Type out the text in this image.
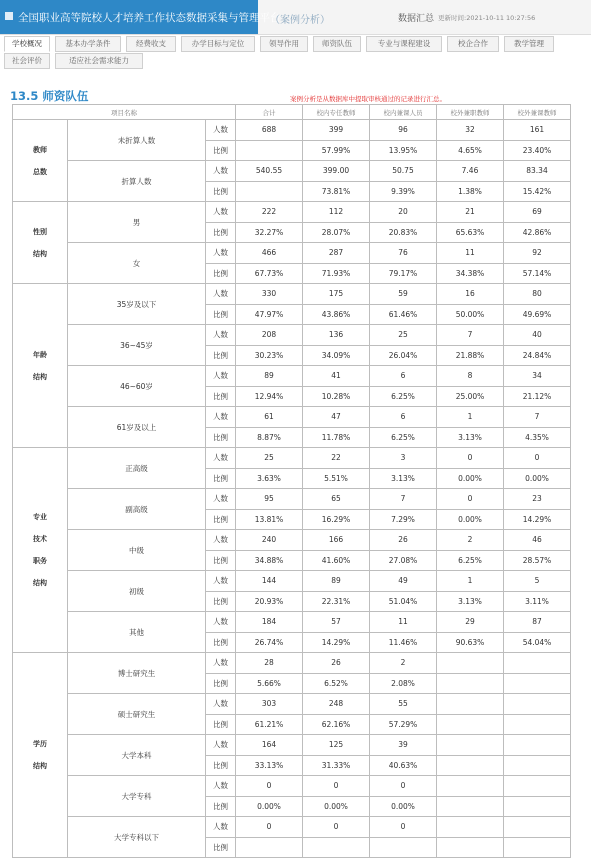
全国职业高等院校人才培养工作状态数据采集与管理平台
（案例分析）	数据汇总 更新时间:2021-10-11 10:27:56
学校概况	基本办学条件	经费收支	办学目标与定位	领导作用	师资队伍	专业与课程建设	校企合作	教学管理
社会评价	适应社会需求能力
13.5 师资队伍	案例分析是从数据库中提取审核通过的记录进行汇总。
项目名称			合计	校内专任教师	校内兼课人员	校外兼职教师	校外兼课教师
教师总数	未折算人数	人数	688	399	96	32	161
		比例		57.99%	13.95%	4.65%	23.40%
	折算人数	人数	540.55	399.00	50.75	7.46	83.34
		比例		73.81%	9.39%	1.38%	15.42%
性别结构	男	人数	222	112	20	21	69
		比例	32.27%	28.07%	20.83%	65.63%	42.86%
	女	人数	466	287	76	11	92
		比例	67.73%	71.93%	79.17%	34.38%	57.14%
年龄结构	35岁及以下	人数	330	175	59	16	80
		比例	47.97%	43.86%	61.46%	50.00%	49.69%
	36~45岁	人数	208	136	25	7	40
		比例	30.23%	34.09%	26.04%	21.88%	24.84%
	46~60岁	人数	89	41	6	8	34
		比例	12.94%	10.28%	6.25%	25.00%	21.12%
	61岁及以上	人数	61	47	6	1	7
		比例	8.87%	11.78%	6.25%	3.13%	4.35%
专业技术职务结构	正高级	人数	25	22	3	0	0
		比例	3.63%	5.51%	3.13%	0.00%	0.00%
	副高级	人数	95	65	7	0	23
		比例	13.81%	16.29%	7.29%	0.00%	14.29%
	中级	人数	240	166	26	2	46
		比例	34.88%	41.60%	27.08%	6.25%	28.57%
	初级	人数	144	89	49	1	5
		比例	20.93%	22.31%	51.04%	3.13%	3.11%
	其他	人数	184	57	11	29	87
		比例	26.74%	14.29%	11.46%	90.63%	54.04%
学历结构	博士研究生	人数	28	26	2		
		比例	5.66%	6.52%	2.08%		
	硕士研究生	人数	303	248	55		
		比例	61.21%	62.16%	57.29%		
	大学本科	人数	164	125	39		
		比例	33.13%	31.33%	40.63%		
	大学专科	人数	0	0	0		
		比例	0.00%	0.00%	0.00%		
	大学专科以下	人数	0	0	0		
		比例					
